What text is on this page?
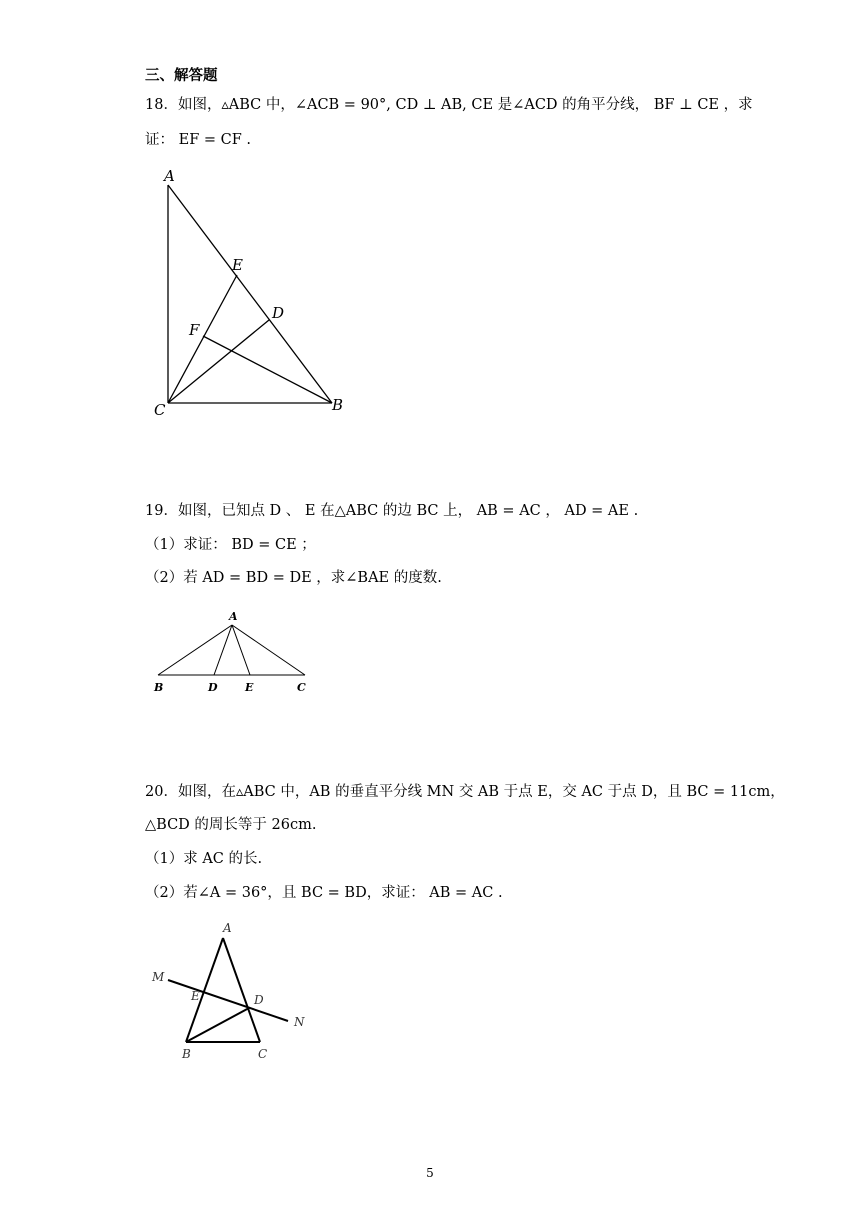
三、解答题
18．如图，▵ABC 中，∠ACB = 90°, CD ⊥ AB, CE 是∠ACD 的角平分线， BF ⊥ CE ，求
证： EF = CF .
A
E
D
F
C	B
19．如图，已知点 D 、 E 在△ABC 的边 BC 上， AB = AC ， AD = AE .
（1）求证： BD = CE ；
（2）若 AD = BD = DE ，求∠BAE 的度数.
A
B	D E	C
20．如图，在▵ABC 中，AB 的垂直平分线 MN 交 AB 于点 E，交 AC 于点 D，且 BC = 11cm，
△BCD 的周长等于 26cm.
（1）求 AC 的长.
（2）若∠A = 36°，且 BC = BD，求证： AB = AC .
A
M
E	D
N
B	C
5
